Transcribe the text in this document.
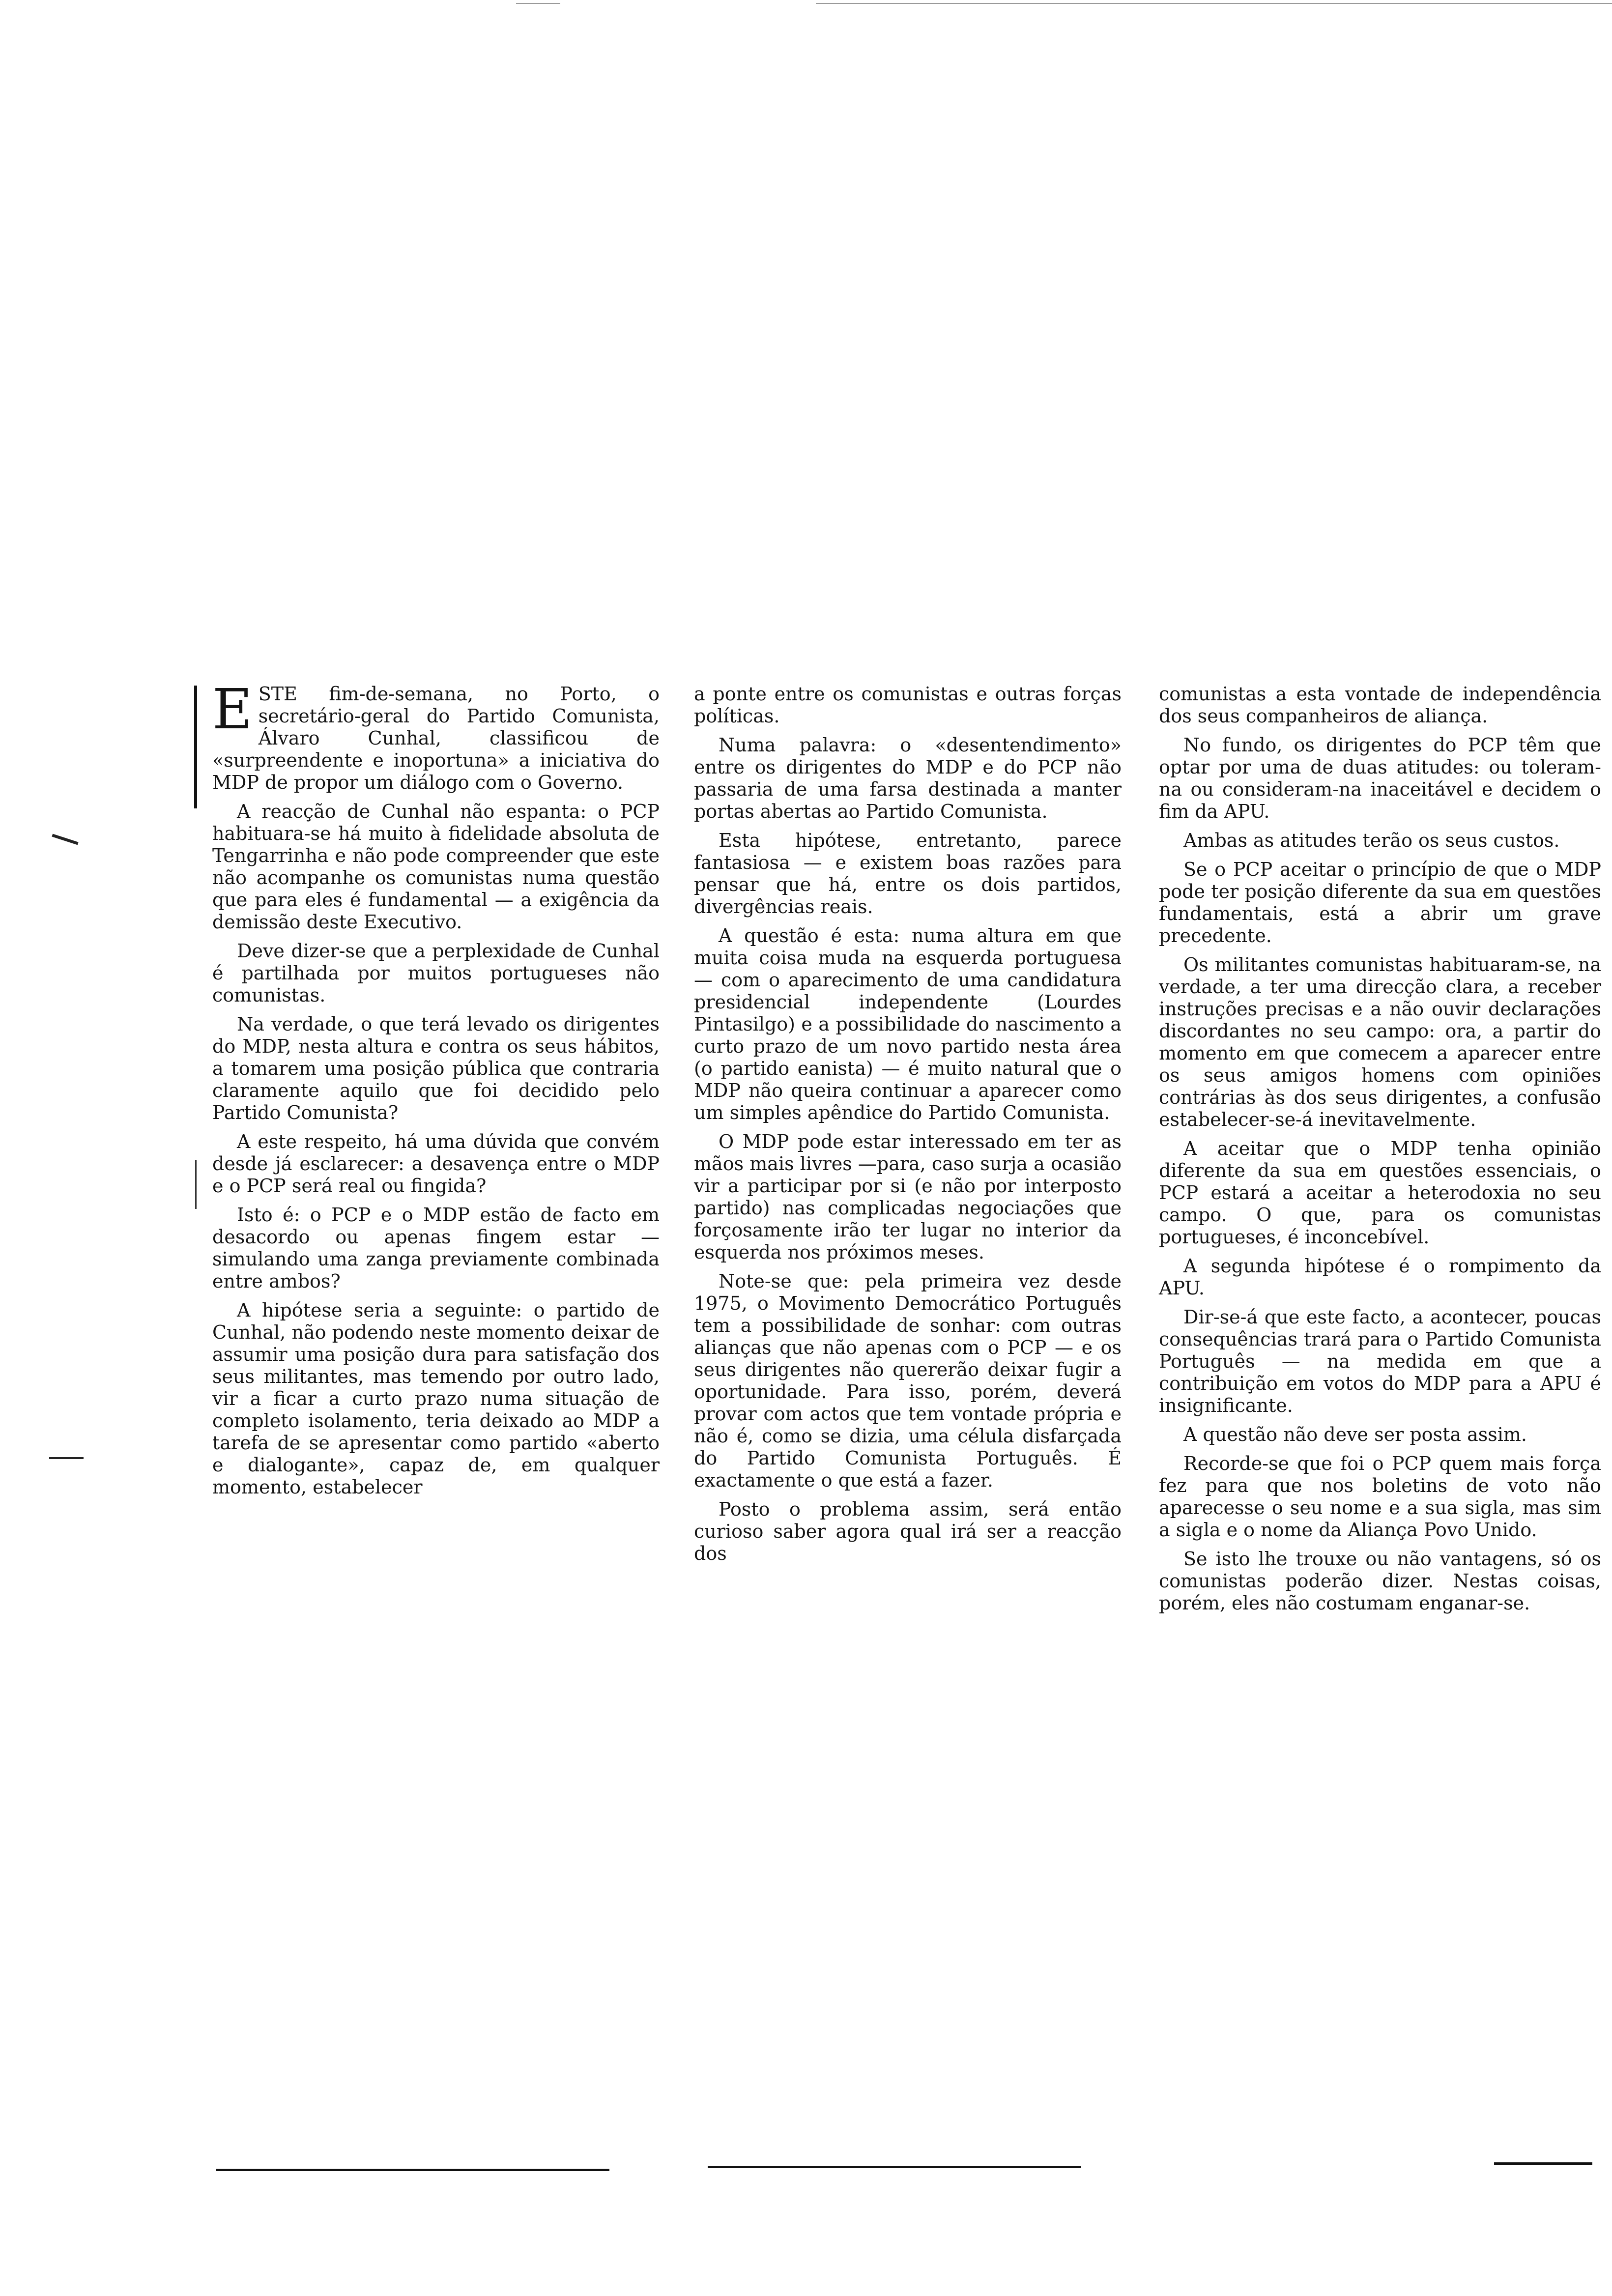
ESTE fim-de-semana, no Porto, o secretário-geral do Partido Comunista, Álvaro Cunhal, classificou de «surpreendente e inoportuna» a iniciativa do MDP de propor um diálogo com o Governo.

A reacção de Cunhal não espanta: o PCP habituara-se há muito à fidelidade absoluta de Tengarrinha e não pode compreender que este não acompanhe os comunistas numa questão que para eles é fundamental — a exigência da demissão deste Executivo.

Deve dizer-se que a perplexidade de Cunhal é partilhada por muitos portugueses não comunistas.

Na verdade, o que terá levado os dirigentes do MDP, nesta altura e contra os seus hábitos, a tomarem uma posição pública que contraria claramente aquilo que foi decidido pelo Partido Comunista?

A este respeito, há uma dúvida que convém desde já esclarecer: a desavença entre o MDP e o PCP será real ou fingida?

Isto é: o PCP e o MDP estão de facto em desacordo ou apenas fingem estar — simulando uma zanga previamente combinada entre ambos?

A hipótese seria a seguinte: o partido de Cunhal, não podendo neste momento deixar de assumir uma posição dura para satisfação dos seus militantes, mas temendo por outro lado, vir a ficar a curto prazo numa situação de completo isolamento, teria deixado ao MDP a tarefa de se apresentar como partido «aberto e dialogante», capaz de, em qualquer momento, estabelecer

a ponte entre os comunistas e outras forças políticas.

Numa palavra: o «desentendimento» entre os dirigentes do MDP e do PCP não passaria de uma farsa destinada a manter portas abertas ao Partido Comunista.

Esta hipótese, entretanto, parece fantasiosa — e existem boas razões para pensar que há, entre os dois partidos, divergências reais.

A questão é esta: numa altura em que muita coisa muda na esquerda portuguesa — com o aparecimento de uma candidatura presidencial independente (Lourdes Pintasilgo) e a possibilidade do nascimento a curto prazo de um novo partido nesta área (o partido eanista) — é muito natural que o MDP não queira continuar a aparecer como um simples apêndice do Partido Comunista.

O MDP pode estar interessado em ter as mãos mais livres —para, caso surja a ocasião vir a participar por si (e não por interposto partido) nas complicadas negociações que forçosamente irão ter lugar no interior da esquerda nos próximos meses.

Note-se que: pela primeira vez desde 1975, o Movimento Democrático Português tem a possibilidade de sonhar: com outras alianças que não apenas com o PCP — e os seus dirigentes não quererão deixar fugir a oportunidade. Para isso, porém, deverá provar com actos que tem vontade própria e não é, como se dizia, uma célula disfarçada do Partido Comunista Português. É exactamente o que está a fazer.

Posto o problema assim, será então curioso saber agora qual irá ser a reacção dos

comunistas a esta vontade de independência dos seus companheiros de aliança.

No fundo, os dirigentes do PCP têm que optar por uma de duas atitudes: ou toleram-na ou consideram-na inaceitável e decidem o fim da APU.

Ambas as atitudes terão os seus custos.

Se o PCP aceitar o princípio de que o MDP pode ter posição diferente da sua em questões fundamentais, está a abrir um grave precedente.

Os militantes comunistas habituaram-se, na verdade, a ter uma direcção clara, a receber instruções precisas e a não ouvir declarações discordantes no seu campo: ora, a partir do momento em que comecem a aparecer entre os seus amigos homens com opiniões contrárias às dos seus dirigentes, a confusão estabelecer-se-á inevitavelmente.

A aceitar que o MDP tenha opinião diferente da sua em questões essenciais, o PCP estará a aceitar a heterodoxia no seu campo. O que, para os comunistas portugueses, é inconcebível.

A segunda hipótese é o rompimento da APU.

Dir-se-á que este facto, a acontecer, poucas consequências trará para o Partido Comunista Português — na medida em que a contribuição em votos do MDP para a APU é insignificante.

A questão não deve ser posta assim.

Recorde-se que foi o PCP quem mais força fez para que nos boletins de voto não aparecesse o seu nome e a sua sigla, mas sim a sigla e o nome da Aliança Povo Unido.

Se isto lhe trouxe ou não vantagens, só os comunistas poderão dizer. Nestas coisas, porém, eles não costumam enganar-se.
